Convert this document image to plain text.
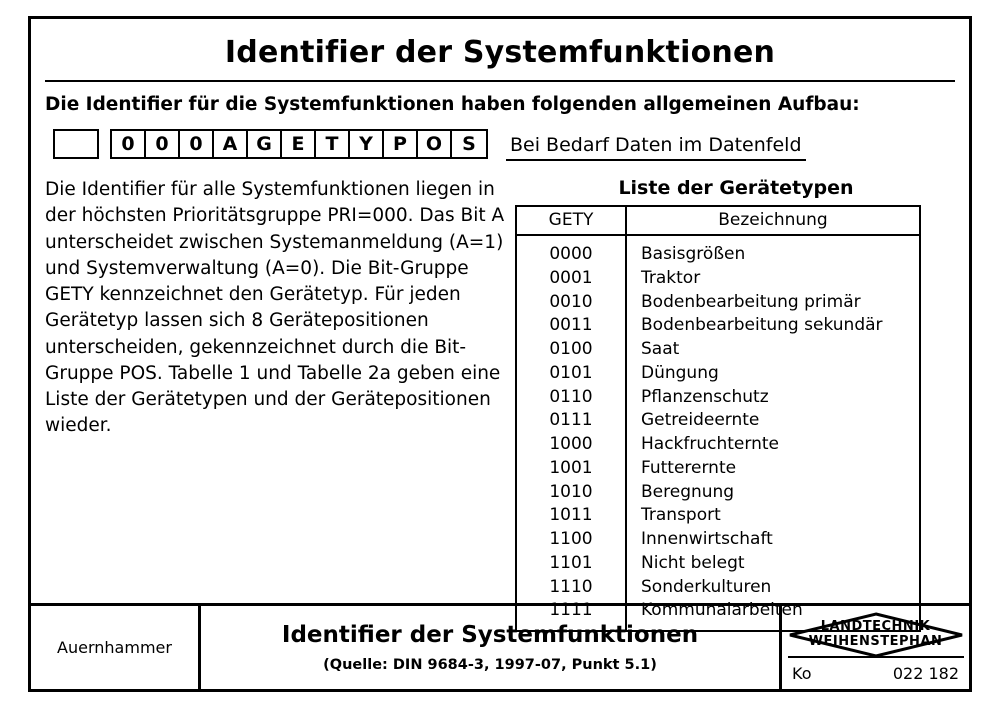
Identifier der Systemfunktionen
Die Identifier für die Systemfunktionen haben folgenden allgemeinen Aufbau:
0	0	0	A G	E	T	Y	P O	S	Bei Bedarf Daten im Datenfeld
Die Identifier für alle Systemfunktionen liegen in der höchsten Prioritätsgruppe PRI=000. Das Bit A unterscheidet zwischen Systemanmeldung (A=1) und Systemverwaltung (A=0). Die Bit-Gruppe GETY kennzeichnet den Gerätetyp. Für jeden Gerätetyp lassen sich 8 Gerätepositionen unterscheiden, gekennzeichnet durch die Bit-Gruppe POS. Tabelle 1 und Tabelle 2a geben eine Liste der Gerätetypen und der Gerätepositionen wieder.
Liste der Gerätetypen
GETY	Bezeichnung
0000	Basisgrößen
0001	Traktor
0010	Bodenbearbeitung primär
0011	Bodenbearbeitung sekundär
0100	Saat
0101	Düngung
0110	Pflanzenschutz
0111	Getreideernte
1000	Hackfruchternte
1001	Futterernte
1010	Beregnung
1011	Transport
1100	Innenwirtschaft
1101	Nicht belegt
1110	Sonderkulturen
1111	Kommunalarbeiten
Auernhammer	Identifier der Systemfunktionen
(Quelle: DIN 9684-3, 1997-07, Punkt 5.1)
LANDTECHNIK
WEIHENSTEPHAN
Ko	022 182
